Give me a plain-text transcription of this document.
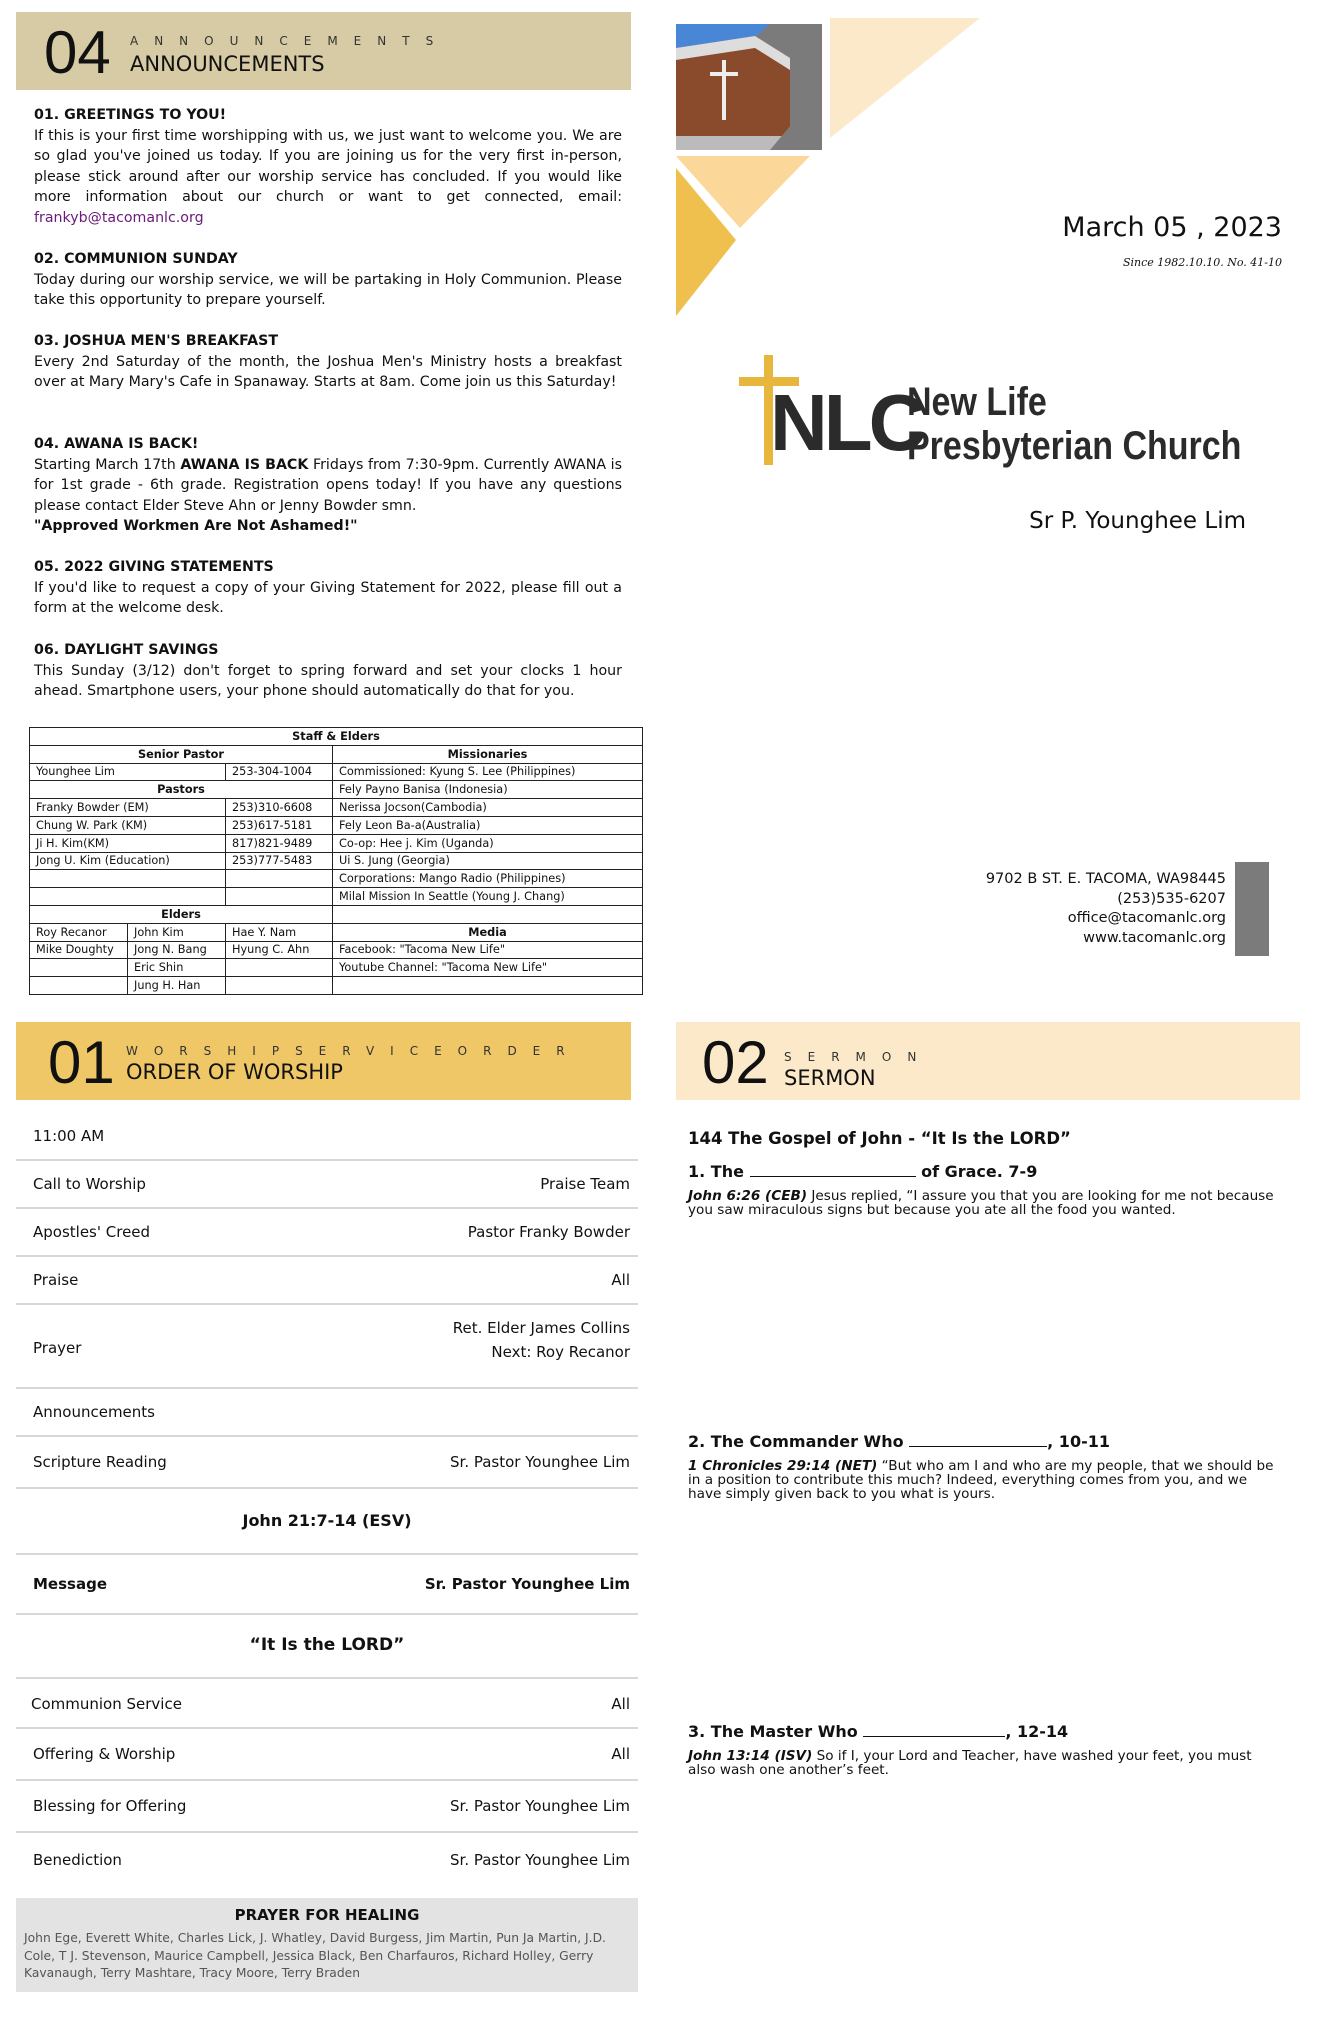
04 ANNOUNCEMENTS
ANNOUNCEMENTS
01. GREETINGS TO YOU!

If this is your first time worshipping with us, we just want to welcome you. We are so glad you've joined us today. If you are joining us for the very first in-person, please stick around after our worship service has concluded. If you would like more information about our church or want to get connected, email: frankyb@tacomanlc.org

02. COMMUNION SUNDAY

Today during our worship service, we will be partaking in Holy Communion. Please take this opportunity to prepare yourself.

03. JOSHUA MEN'S BREAKFAST

Every 2nd Saturday of the month, the Joshua Men's Ministry hosts a breakfast over at Mary Mary's Cafe in Spanaway. Starts at 8am. Come join us this Saturday!

04. AWANA IS BACK!

Starting March 17th AWANA IS BACK Fridays from 7:30-9pm. Currently AWANA is for 1st grade - 6th grade. Registration opens today! If you have any questions please contact Elder Steve Ahn or Jenny Bowder smn.

"Approved Workmen Are Not Ashamed!"
05. 2022 GIVING STATEMENTS

If you'd like to request a copy of your Giving Statement for 2022, please fill out a form at the welcome desk.

06. DAYLIGHT SAVINGS

This Sunday (3/12) don't forget to spring forward and set your clocks 1 hour ahead. Smartphone users, your phone should automatically do that for you.

Staff & Elders			
Senior Pastor			Missionaries
Younghee Lim		253-304-1004	Commissioned: Kyung S. Lee (Philippines)
Pastors			Fely Payno Banisa (Indonesia)
Franky Bowder (EM)		253)310-6608	Nerissa Jocson(Cambodia)
Chung W. Park (KM)		253)617-5181	Fely Leon Ba-a(Australia)
Ji H. Kim(KM)		817)821-9489	Co-op: Hee j. Kim (Uganda)
Jong U. Kim (Education)		253)777-5483	Ui S. Jung (Georgia)
			Corporations: Mango Radio (Philippines)
			Milal Mission In Seattle (Young J. Chang)
Elders			
Roy Recanor	John Kim	Hae Y. Nam	Media
Mike Doughty	Jong N. Bang	Hyung C. Ahn	Facebook: "Tacoma New Life"
	Eric Shin		Youtube Channel: "Tacoma New Life"
	Jung H. Han		
March 05 , 2023
Since 1982.10.10. No. 41-10
NLC
New Life
Presbyterian Church
Sr P. Younghee Lim
9702 B ST. E. TACOMA, WA98445
(253)535-6207
office@tacomanlc.org
www.tacomanlc.org
01 WORSHIPSERVICEORDER
ORDER OF WORSHIP
11:00 AM
Call to Worship	Praise Team
Apostles' Creed	Pastor Franky Bowder
Praise	All
Prayer
Ret. Elder James Collins
Next: Roy Recanor
Announcements
Scripture Reading	Sr. Pastor Younghee Lim
John 21:7-14 (ESV)
Message	Sr. Pastor Younghee Lim
“It Is the LORD”
Communion Service	All
Offering & Worship	All
Blessing for Offering	Sr. Pastor Younghee Lim
Benediction	Sr. Pastor Younghee Lim
PRAYER FOR HEALING
John Ege, Everett White, Charles Lick, J. Whatley, David Burgess, Jim Martin, Pun Ja Martin, J.D. Cole, T J. Stevenson, Maurice Campbell, Jessica Black, Ben Charfauros, Richard Holley, Gerry Kavanaugh, Terry Mashtare, Tracy Moore, Terry Braden
02 SERMON
SERMON
144 The Gospel of John - “It Is the LORD”
1. The	of Grace. 7-9
John 6:26 (CEB) Jesus replied, “I assure you that you are looking for me not because you saw miraculous signs but because you ate all the food you wanted.
2. The Commander Who	, 10-11
1 Chronicles 29:14 (NET) “But who am I and who are my people, that we should be in a position to contribute this much? Indeed, everything comes from you, and we have simply given back to you what is yours.
3. The Master Who	, 12-14
John 13:14 (ISV) So if I, your Lord and Teacher, have washed your feet, you must also wash one another’s feet.
